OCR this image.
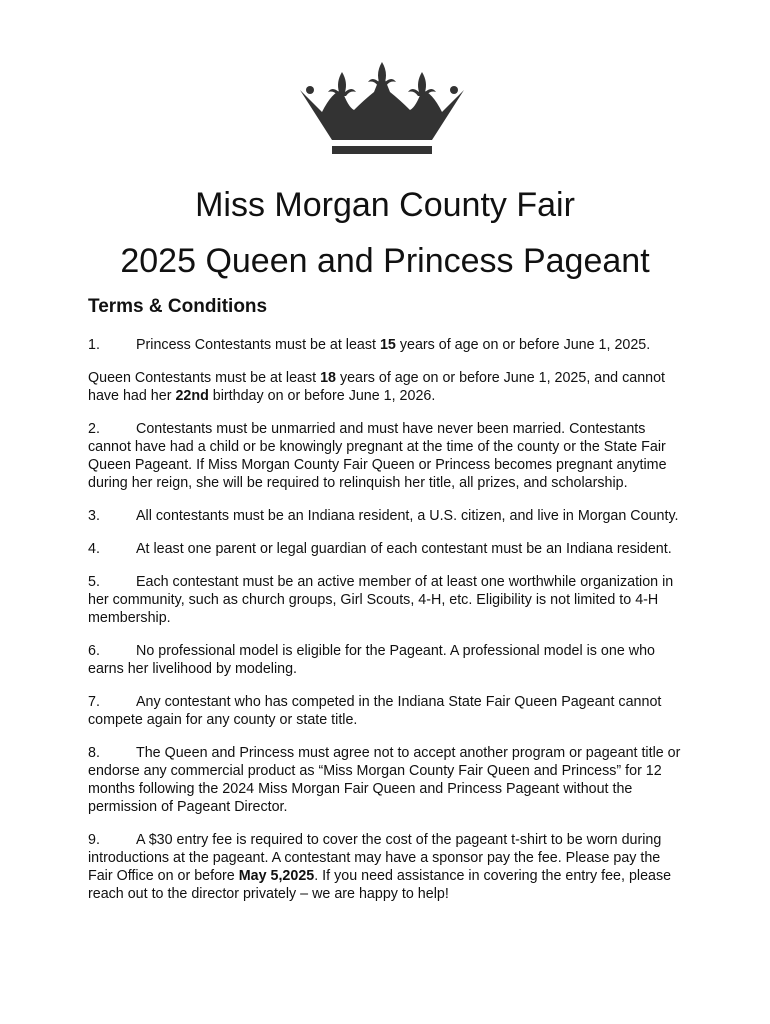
Miss Morgan County Fair
2025 Queen and Princess Pageant
Terms & Conditions

1.	Princess Contestants must be at least 15 years of age on or before June 1, 2025.

Queen Contestants must be at least 18 years of age on or before June 1, 2025, and cannot have had her 22nd birthday on or before June 1, 2026.

2.	Contestants must be unmarried and must have never been married. Contestants cannot have had a child or be knowingly pregnant at the time of the county or the State Fair Queen Pageant. If Miss Morgan County Fair Queen or Princess becomes pregnant anytime during her reign, she will be required to relinquish her title, all prizes, and scholarship.

3.	All contestants must be an Indiana resident, a U.S. citizen, and live in Morgan County.

4.	At least one parent or legal guardian of each contestant must be an Indiana resident.

5.	Each contestant must be an active member of at least one worthwhile organization in her community, such as church groups, Girl Scouts, 4-H, etc. Eligibility is not limited to 4-H membership.

6.	No professional model is eligible for the Pageant. A professional model is one who earns her livelihood by modeling.

7.	Any contestant who has competed in the Indiana State Fair Queen Pageant cannot compete again for any county or state title.

8.	The Queen and Princess must agree not to accept another program or pageant title or endorse any commercial product as “Miss Morgan County Fair Queen and Princess” for 12 months following the 2024 Miss Morgan Fair Queen and Princess Pageant without the permission of Pageant Director.

9.	A $30 entry fee is required to cover the cost of the pageant t-shirt to be worn during introductions at the pageant. A contestant may have a sponsor pay the fee. Please pay the Fair Office on or before May 5,2025. If you need assistance in covering the entry fee, please reach out to the director privately – we are happy to help!
